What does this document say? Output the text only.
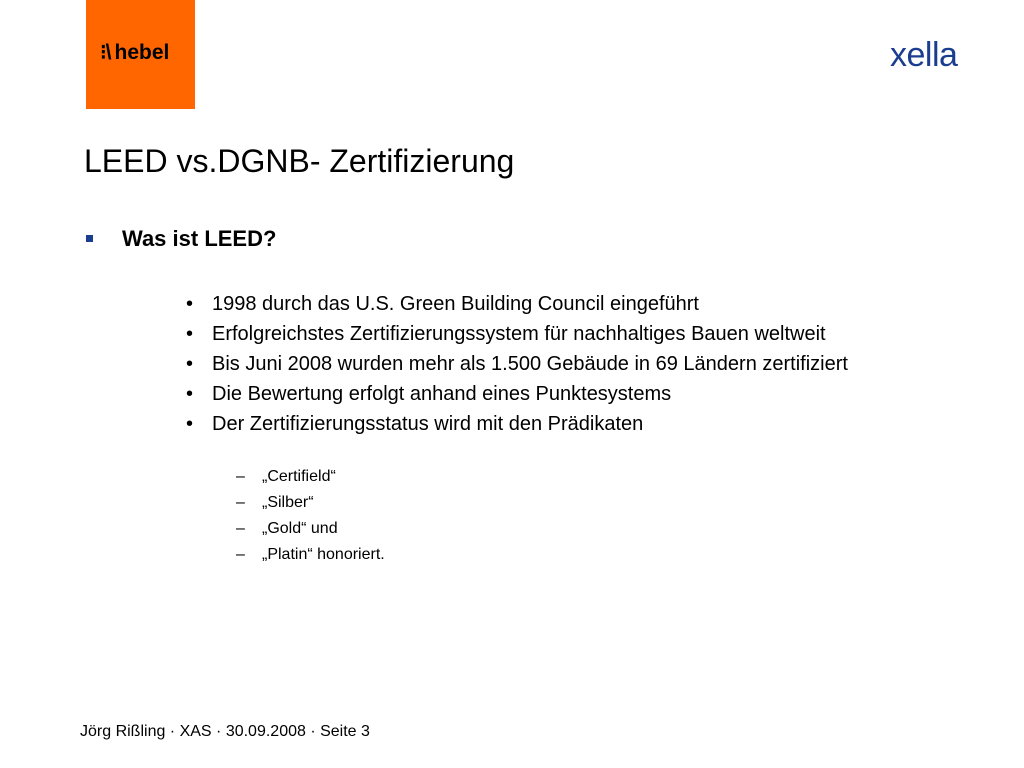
⁝\ hebel	xella
LEED vs.DGNB- Zertifizierung
Was ist LEED?
• 1998 durch das U.S. Green Building Council eingeführt
• Erfolgreichstes Zertifizierungssystem für nachhaltiges Bauen weltweit
• Bis Juni 2008 wurden mehr als 1.500 Gebäude in 69 Ländern zertifiziert
• Die Bewertung erfolgt anhand eines Punktesystems
• Der Zertifizierungsstatus wird mit den Prädikaten
– „Certifield“
– „Silber“
– „Gold“ und
– „Platin“ honoriert.
Jörg Rißling · XAS · 30.09.2008 · Seite 3
